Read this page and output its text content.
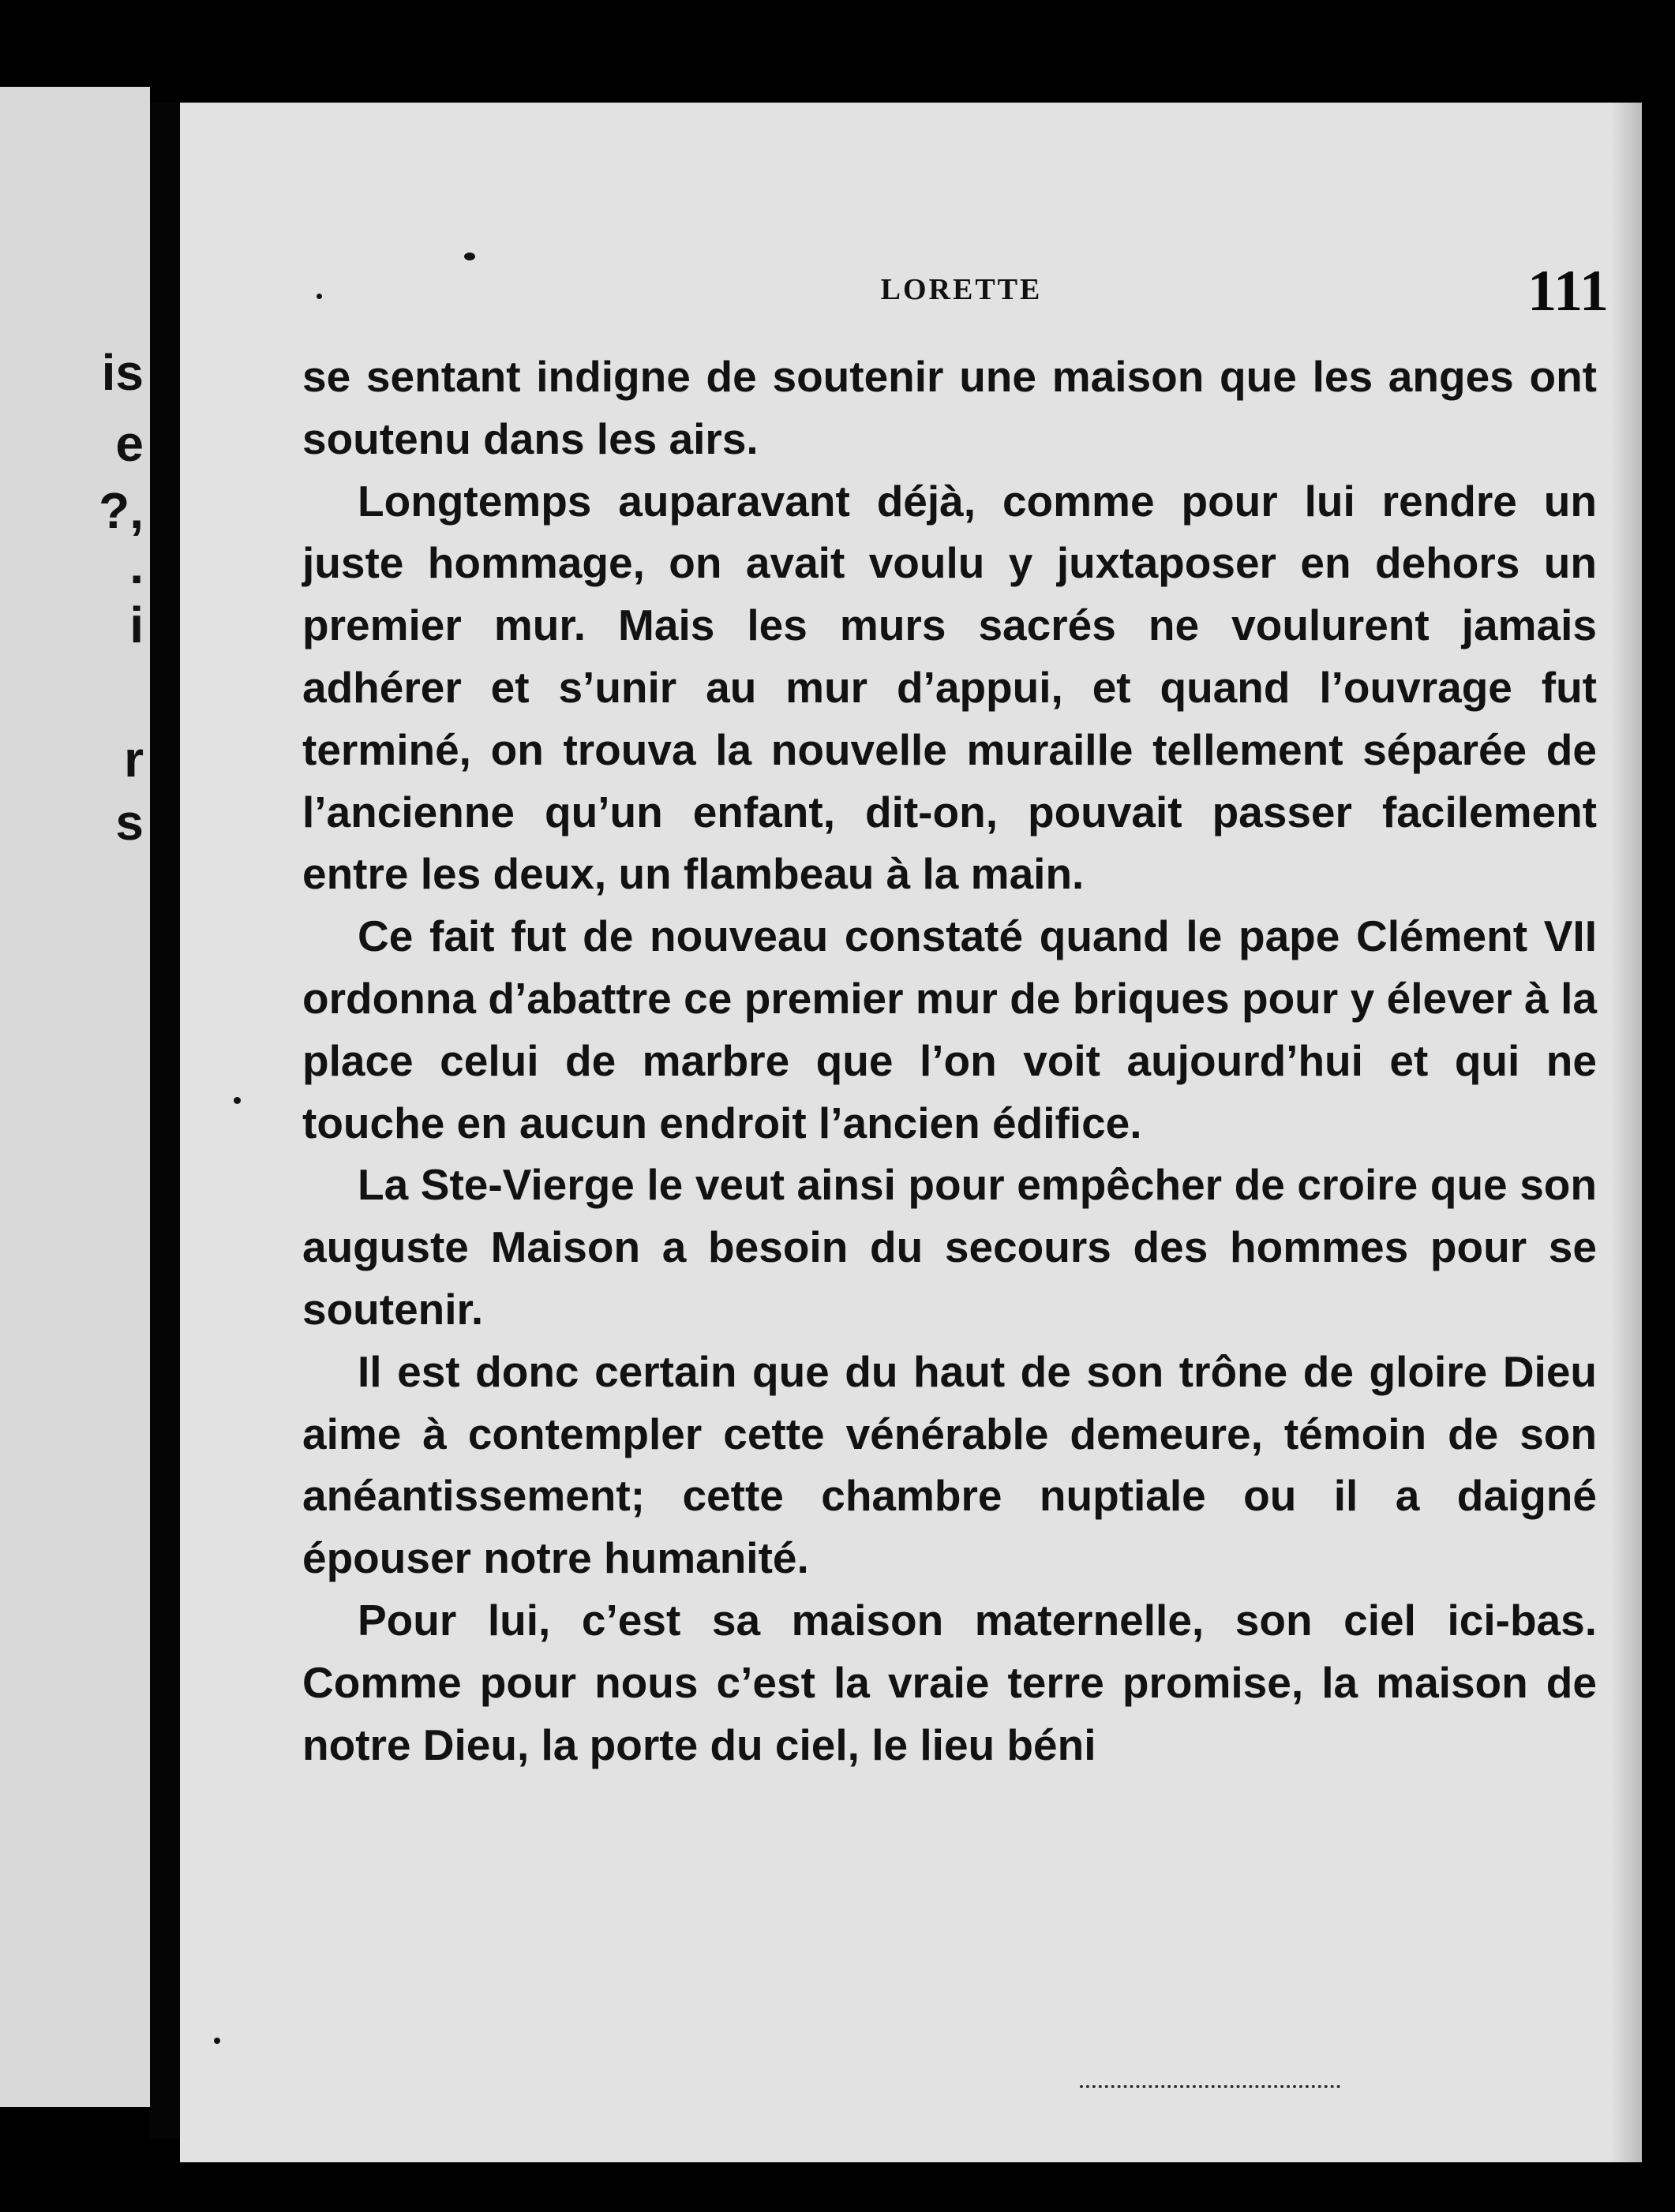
is
e
?,
.
i
r
s
LORETTE	111

se sentant indigne de soutenir une maison que les anges ont soutenu dans les airs.

Longtemps auparavant déjà, comme pour lui rendre un juste hommage, on avait voulu y juxtaposer en dehors un premier mur. Mais les murs sacrés ne voulurent jamais adhérer et s’unir au mur d’appui, et quand l’ouvrage fut terminé, on trouva la nouvelle muraille tellement séparée de l’ancienne qu’un enfant, dit-on, pouvait passer facilement entre les deux, un flambeau à la main.

Ce fait fut de nouveau constaté quand le pape Clément VII ordonna d’abattre ce premier mur de briques pour y élever à la place celui de marbre que l’on voit aujourd’hui et qui ne touche en aucun endroit l’ancien édifice.

La Ste-Vierge le veut ainsi pour empêcher de croire que son auguste Maison a besoin du secours des hommes pour se soutenir.

Il est donc certain que du haut de son trône de gloire Dieu aime à contempler cette vénérable demeure, témoin de son anéantissement; cette chambre nuptiale ou il a daigné épouser notre humanité.

Pour lui, c’est sa maison maternelle, son ciel ici-bas. Comme pour nous c’est la vraie terre promise, la maison de notre Dieu, la porte du ciel, le lieu béni
